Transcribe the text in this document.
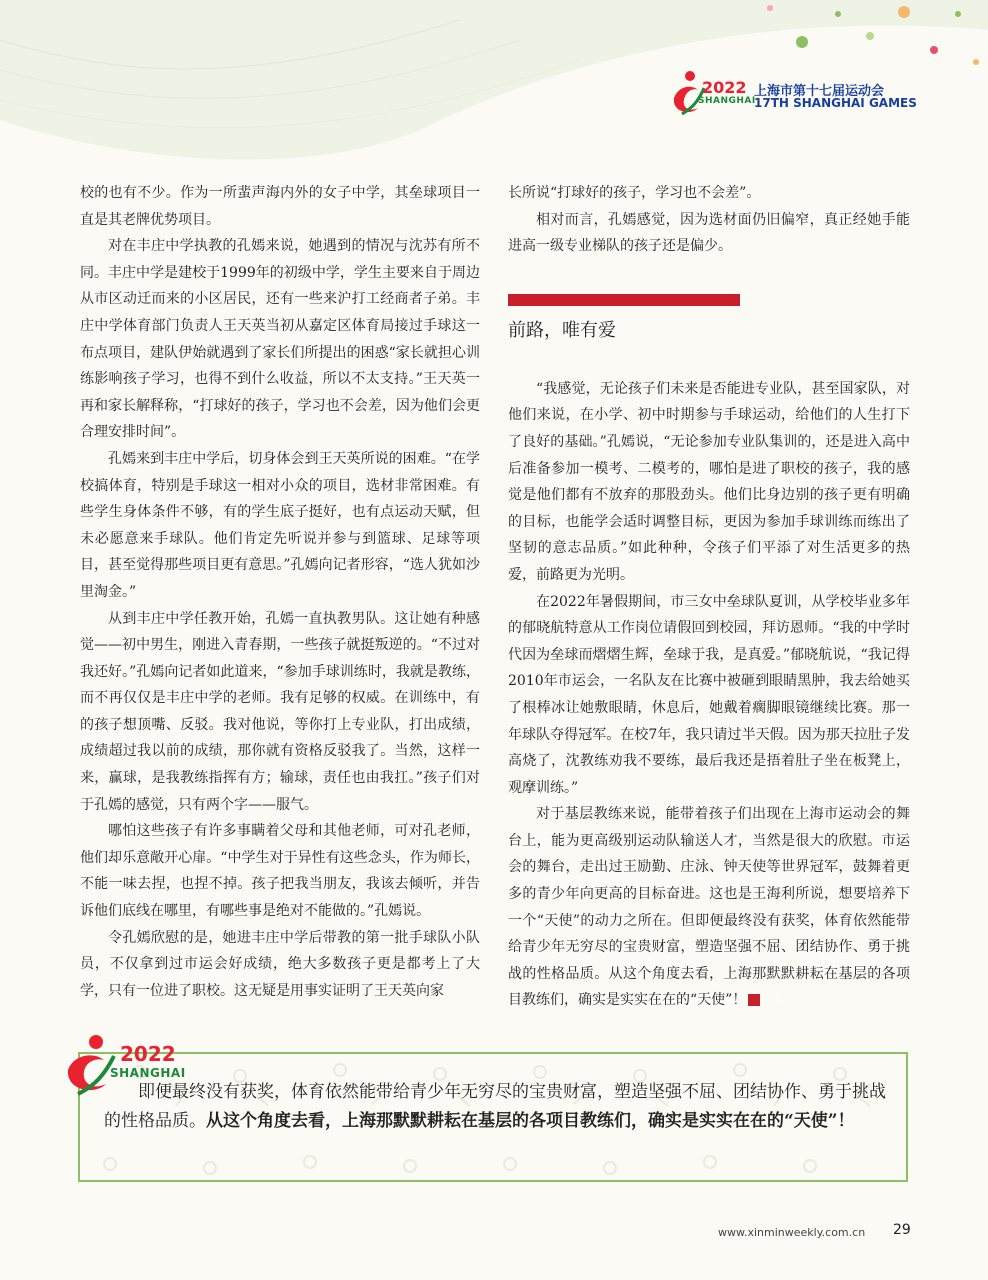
2022
SHANGHAI
上海市第十七届运动会
17TH SHANGHAI GAMES

校的也有不少。作为一所蜚声海内外的女子中学，其垒球项目一直是其老牌优势项目。

对在丰庄中学执教的孔嫣来说，她遇到的情况与沈苏有所不同。丰庄中学是建校于1999年的初级中学，学生主要来自于周边从市区动迁而来的小区居民，还有一些来沪打工经商者子弟。丰庄中学体育部门负责人王天英当初从嘉定区体育局接过手球这一布点项目，建队伊始就遇到了家长们所提出的困惑“家长就担心训练影响孩子学习，也得不到什么收益，所以不太支持。”王天英一再和家长解释称，“打球好的孩子，学习也不会差，因为他们会更合理安排时间”。

孔嫣来到丰庄中学后，切身体会到王天英所说的困难。“在学校搞体育，特别是手球这一相对小众的项目，选材非常困难。有些学生身体条件不够，有的学生底子挺好，也有点运动天赋，但未必愿意来手球队。他们肯定先听说并参与到篮球、足球等项目，甚至觉得那些项目更有意思。”孔嫣向记者形容，“选人犹如沙里淘金。”

从到丰庄中学任教开始，孔嫣一直执教男队。这让她有种感觉——初中男生，刚进入青春期，一些孩子就挺叛逆的。“不过对我还好。”孔嫣向记者如此道来，“参加手球训练时，我就是教练，而不再仅仅是丰庄中学的老师。我有足够的权威。在训练中，有的孩子想顶嘴、反驳。我对他说，等你打上专业队，打出成绩，成绩超过我以前的成绩，那你就有资格反驳我了。当然，这样一来，赢球，是我教练指挥有方；输球，责任也由我扛。”孩子们对于孔嫣的感觉，只有两个字——服气。

哪怕这些孩子有许多事瞒着父母和其他老师，可对孔老师，他们却乐意敞开心扉。“中学生对于异性有这些念头，作为师长，不能一味去捏，也捏不掉。孩子把我当朋友，我该去倾听，并告诉他们底线在哪里，有哪些事是绝对不能做的。”孔嫣说。

令孔嫣欣慰的是，她进丰庄中学后带教的第一批手球队小队员，不仅拿到过市运会好成绩，绝大多数孩子更是都考上了大学，只有一位进了职校。这无疑是用事实证明了王天英向家

长所说“打球好的孩子，学习也不会差”。

相对而言，孔嫣感觉，因为选材面仍旧偏窄，真正经她手能进高一级专业梯队的孩子还是偏少。

前路，唯有爱

“我感觉，无论孩子们未来是否能进专业队，甚至国家队，对他们来说，在小学、初中时期参与手球运动，给他们的人生打下了良好的基础。”孔嫣说，“无论参加专业队集训的，还是进入高中后准备参加一模考、二模考的，哪怕是进了职校的孩子，我的感觉是他们都有不放弃的那股劲头。他们比身边别的孩子更有明确的目标，也能学会适时调整目标，更因为参加手球训练而练出了坚韧的意志品质。”如此种种，令孩子们平添了对生活更多的热爱，前路更为光明。

在2022年暑假期间，市三女中垒球队夏训，从学校毕业多年的郁晓航特意从工作岗位请假回到校园，拜访恩师。“我的中学时代因为垒球而熠熠生辉，垒球于我，是真爱。”郁晓航说，“我记得2010年市运会，一名队友在比赛中被砸到眼睛黑肿，我去给她买了根棒冰让她敷眼睛，休息后，她戴着瘸脚眼镜继续比赛。那一年球队夺得冠军。在校7年，我只请过半天假。因为那天拉肚子发高烧了，沈教练劝我不要练，最后我还是捂着肚子坐在板凳上，观摩训练。”

对于基层教练来说，能带着孩子们出现在上海市运动会的舞台上，能为更高级别运动队输送人才，当然是很大的欣慰。市运会的舞台，走出过王励勤、庄泳、钟天使等世界冠军，鼓舞着更多的青少年向更高的目标奋进。这也是王海利所说，想要培养下一个“天使”的动力之所在。但即便最终没有获奖，体育依然能带给青少年无穷尽的宝贵财富，塑造坚强不屈、团结协作、勇于挑战的性格品质。从这个角度去看，上海那默默耕耘在基层的各项目教练们，确实是实实在在的“天使”！	R

即便最终没有获奖，体育依然能带给青少年无穷尽的宝贵财富，塑造坚强不屈、团结协作、勇于挑战的性格品质。从这个角度去看，上海那默默耕耘在基层的各项目教练们，确实是实实在在的“天使”！
2022
SHANGHAI
www.xinminweekly.com.cn 29
